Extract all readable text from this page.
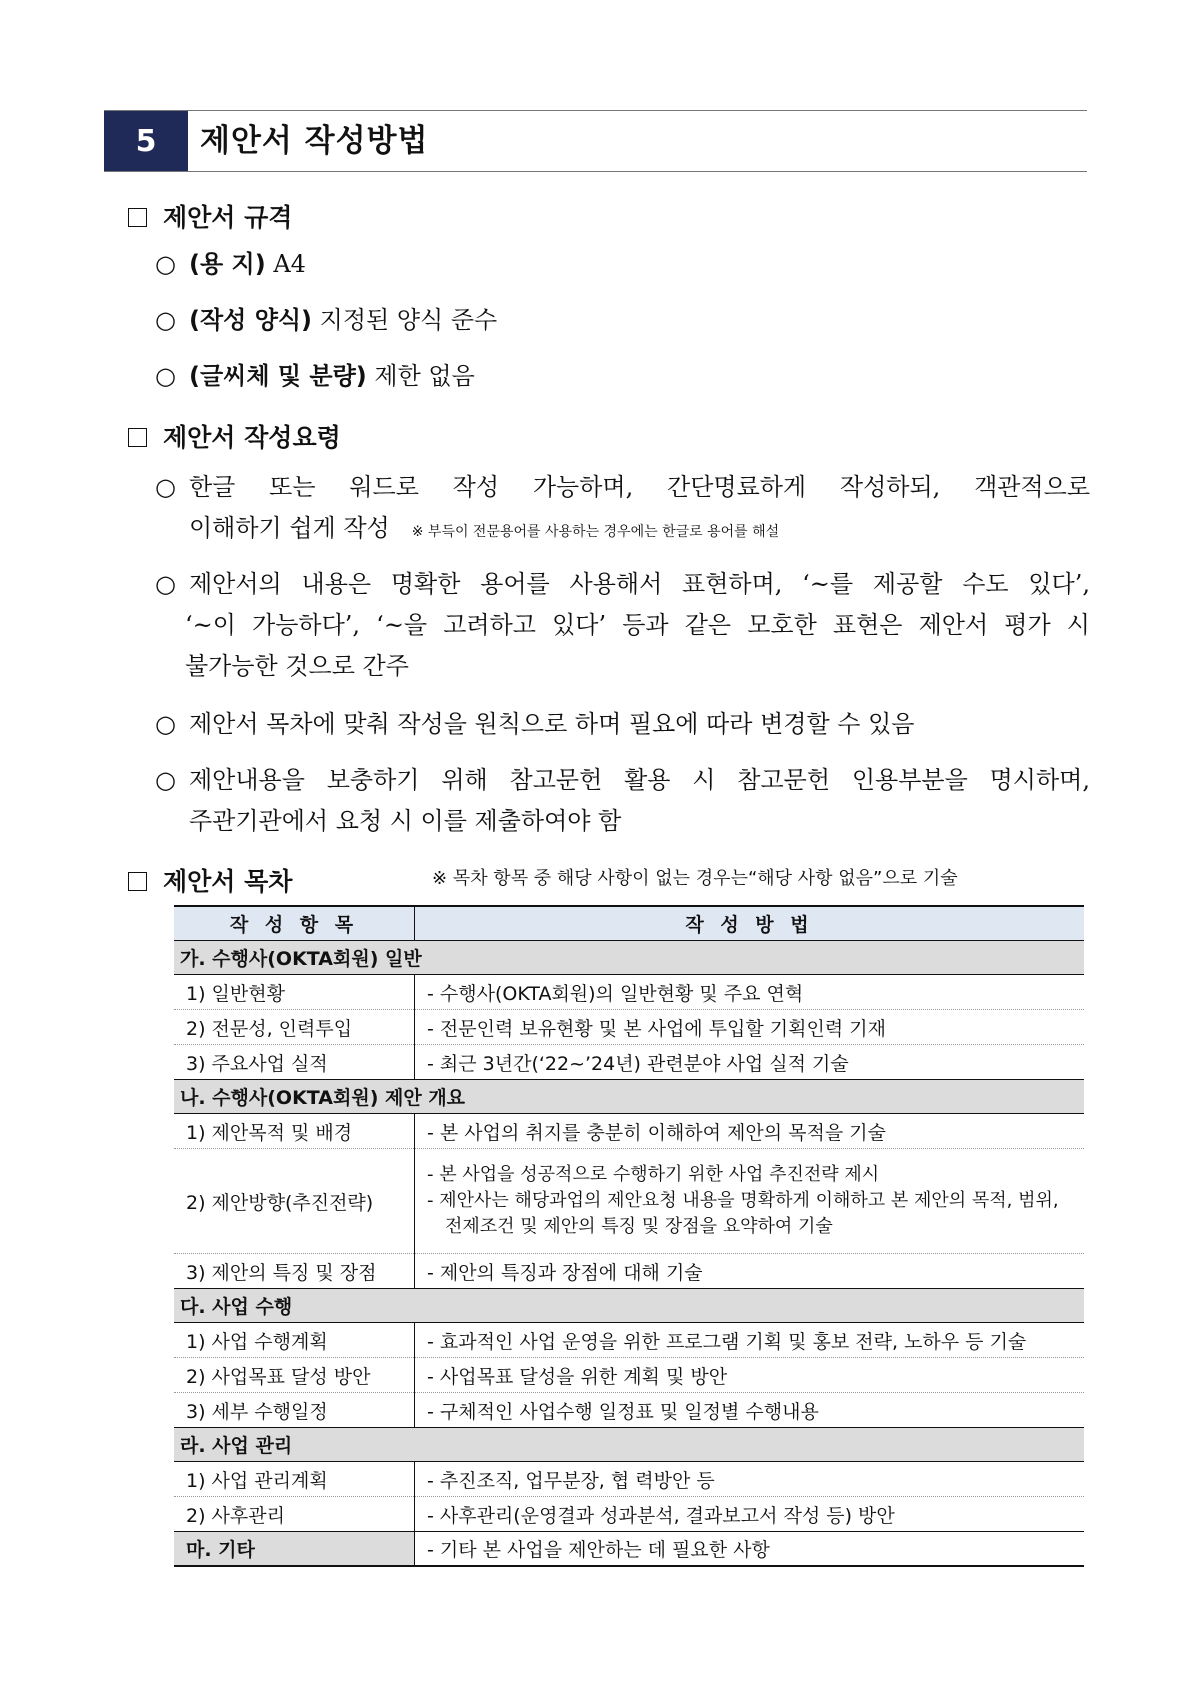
5	제안서 작성방법
제안서 규격
○ (용 지) A4
○ (작성 양식) 지정된 양식 준수
○ (글씨체 및 분량) 제한 없음
제안서 작성요령
○ 한글 또는 워드로 작성 가능하며, 간단명료하게 작성하되, 객관적으로
이해하기 쉽게 작성 ※ 부득이 전문용어를 사용하는 경우에는 한글로 용어를 해설
○ 제안서의 내용은 명확한 용어를 사용해서 표현하며, ‘~를 제공할 수도 있다’,
‘~이 가능하다’, ‘~을 고려하고 있다’ 등과 같은 모호한 표현은 제안서 평가 시
불가능한 것으로 간주
○ 제안서 목차에 맞춰 작성을 원칙으로 하며 필요에 따라 변경할 수 있음
○ 제안내용을 보충하기 위해 참고문헌 활용 시 참고문헌 인용부분을 명시하며,
주관기관에서 요청 시 이를 제출하여야 함
제안서 목차	※ 목차 항목 중 해당 사항이 없는 경우는“해당 사항 없음”으로 기술
작 성 항 목	작 성 방 법
가. 수행사(OKTA회원) 일반	
1) 일반현황	- 수행사(OKTA회원)의 일반현황 및 주요 연혁
2) 전문성, 인력투입	- 전문인력 보유현황 및 본 사업에 투입할 기획인력 기재
3) 주요사업 실적	- 최근 3년간(‘22~’24년) 관련분야 사업 실적 기술
나. 수행사(OKTA회원) 제안 개요	
1) 제안목적 및 배경	- 본 사업의 취지를 충분히 이해하여 제안의 목적을 기술
2) 제안방향(추진전략)	- 본 사업을 성공적으로 수행하기 위한 사업 추진전략 제시
- 제안사는 해당과업의 제안요청 내용을 명확하게 이해하고 본 제안의 목적, 범위, 전제조건 및 제안의 특징 및 장점을 요약하여 기술

3) 제안의 특징 및 장점	- 제안의 특징과 장점에 대해 기술
다. 사업 수행	
1) 사업 수행계획	- 효과적인 사업 운영을 위한 프로그램 기획 및 홍보 전략, 노하우 등 기술
2) 사업목표 달성 방안	- 사업목표 달성을 위한 계획 및 방안
3) 세부 수행일정	- 구체적인 사업수행 일정표 및 일정별 수행내용
라. 사업 관리	
1) 사업 관리계획	- 추진조직, 업무분장, 협 력방안 등
2) 사후관리	- 사후관리(운영결과 성과분석, 결과보고서 작성 등) 방안
마. 기타	- 기타 본 사업을 제안하는 데 필요한 사항
